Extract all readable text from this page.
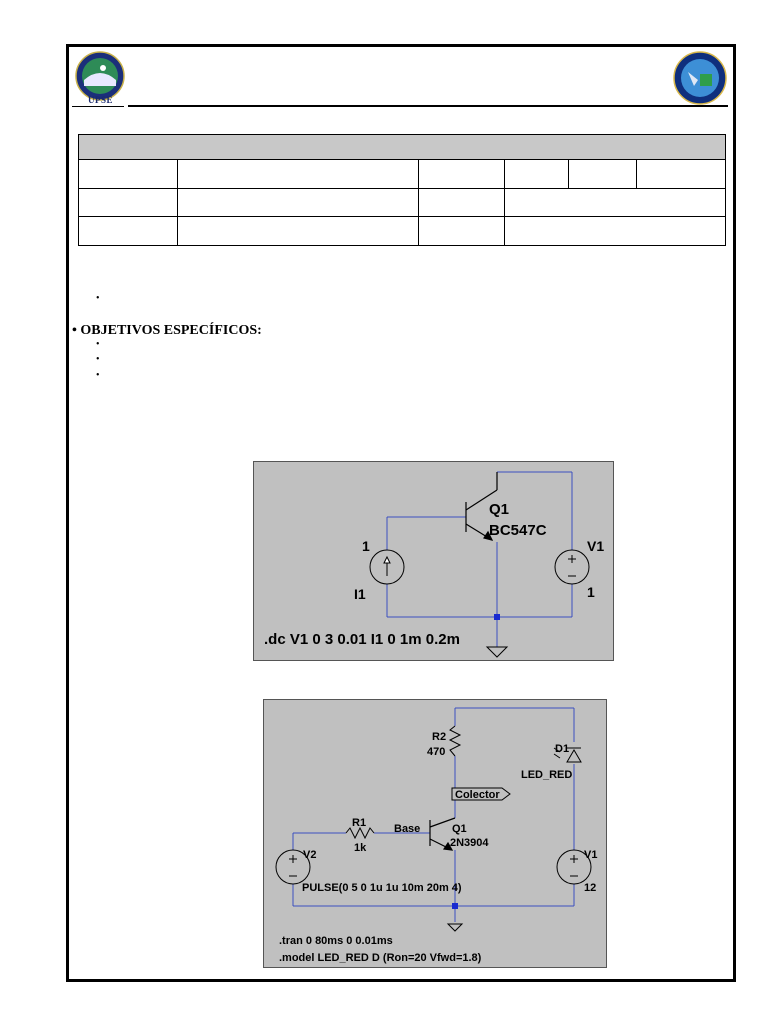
UPSE

•
• OBJETIVOS ESPECÍFICOS:
•
•
•
Q1
BC547C
1
I1
V1
1
.dc V1 0 3 0.01 I1 0 1m 0.2m
R2
470	D1
LED_RED
Colector
R1
1k
Base	Q1
2N3904
V2
PULSE(0 5 0 1u 1u 10m 20m 4)
V1
12
.tran 0 80ms 0 0.01ms
.model LED_RED D (Ron=20 Vfwd=1.8)
